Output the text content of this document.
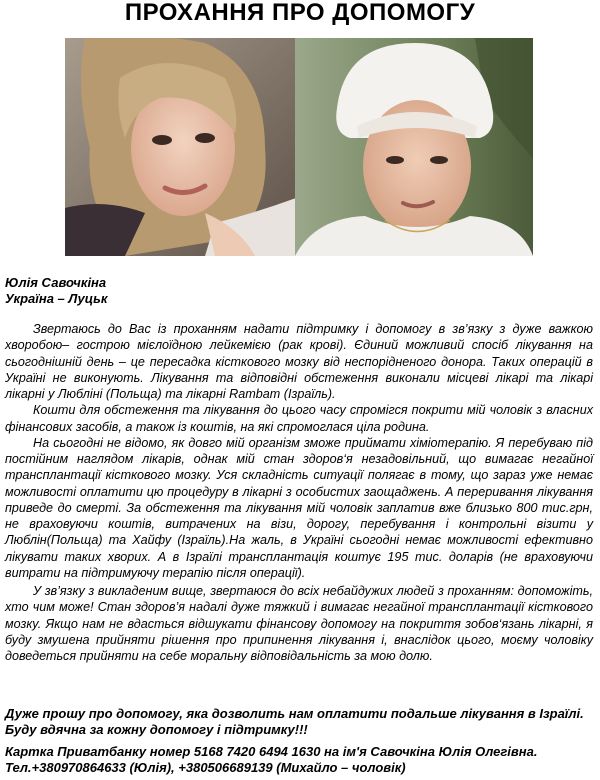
ПРОХАННЯ ПРО ДОПОМОГУ
Юлія Савочкіна
Україна – Луцьк

Звертаюсь до Вас із проханням надати підтримку і допомогу в зв’язку з дуже важкою хворобою– гострою мієлоїдною лейкемією (рак крові). Єдиний можливий спосіб лікування на сьогоднішній день – це пересадка кісткового мозку від неспорідненого донора. Таких операцій в Україні не виконують. Лікування та відповідні обстеження виконали місцеві лікарі та лікарі лікарні у Люблінi (Польща) та лікарні Rambam (Ізраїль).

Кошти для обстеження та лікування до цього часу спромігся покрити мій чоловік з власних фінансових засобів, а також із коштів, на які спромоглася ціла родина.

На сьогодні не відомо, як довго мій організм зможе приймати хіміотерапію. Я перебуваю під постійним наглядом лікарів, однак мій стан здоров‘я незадовільний, що вимагає негайної трансплантації кісткового мозку. Уся складність ситуації полягає в тому, що зараз уже немає можливості оплатити цю процедуру в лікарні з особистих заощаджень. А переривання лікування приведе до смерті. За обстеження та лікування мій чоловік заплатив вже близько 800 тис.грн, не враховуючи коштів, витрачених на візи, дорогу, перебування і контрольні візити у Люблін(Польща) та Хайфу (Ізраїль).На жаль, в Україні сьогодні немає можливості ефективно лікувати таких хворих. А в Ізраїлі трансплантація коштує 195 тис. доларів (не враховуючи витрати на підтримуючу терапію після операції).

У зв’язку з викладеним вище, звертаюся до всіх небайдужих людей з проханням: допоможіть, хто чим може! Стан здоров’я надалі дуже тяжкий і вимагає негайної трансплантації кісткового мозку. Якщо нам не вдасться відшукати фінансову допомогу на покриття зобов‘язань лікарні, я буду змушена прийняти рішення про припинення лікування і, внаслідок цього, моєму чоловіку доведеться прийняти на себе моральну відповідальність за мою долю.

Дуже прошу про допомогу, яка дозволить нам оплатити подальше лікування в Ізраїлі. Буду вдячна за кожну допомогу і підтримку!!!
Картка Приватбанку номер 5168 7420 6494 1630 на ім'я Савочкіна Юлія Олегівна. Тел.+380970864633 (Юлія), +380506689139 (Михайло – чоловік)
